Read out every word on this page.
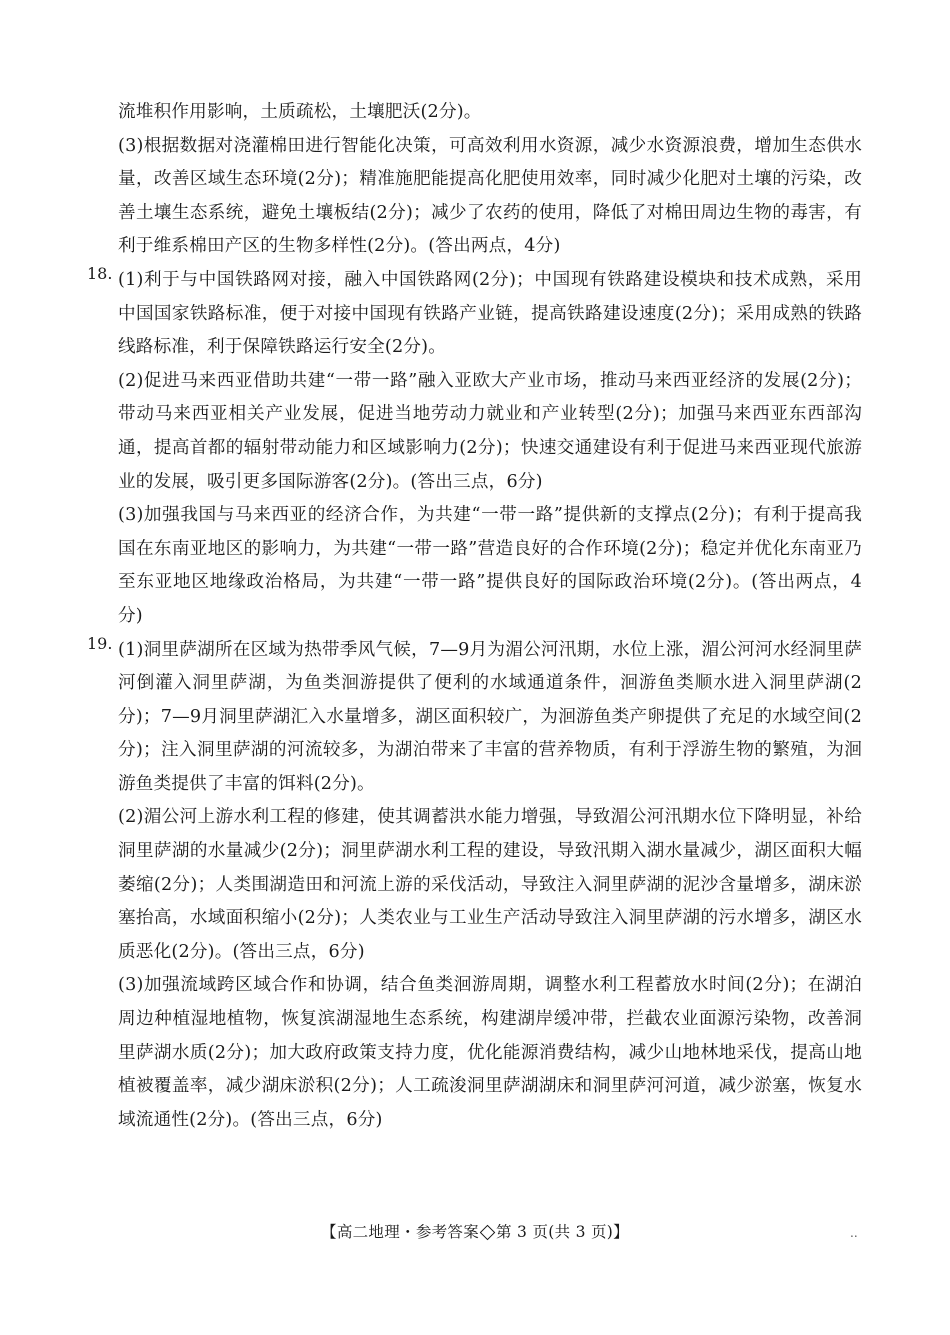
流堆积作用影响，土质疏松，土壤肥沃(2分)。

(3)根据数据对浇灌棉田进行智能化决策，可高效利用水资源，减少水资源浪费，增加生态供水量，改善区域生态环境(2分)；精准施肥能提高化肥使用效率，同时减少化肥对土壤的污染，改善土壤生态系统，避免土壤板结(2分)；减少了农药的使用，降低了对棉田周边生物的毒害，有利于维系棉田产区的生物多样性(2分)。(答出两点，4分)

18. (1)利于与中国铁路网对接，融入中国铁路网(2分)；中国现有铁路建设模块和技术成熟，采用中国国家铁路标准，便于对接中国现有铁路产业链，提高铁路建设速度(2分)；采用成熟的铁路线路标准，利于保障铁路运行安全(2分)。

(2)促进马来西亚借助共建“一带一路”融入亚欧大产业市场，推动马来西亚经济的发展(2分)；带动马来西亚相关产业发展，促进当地劳动力就业和产业转型(2分)；加强马来西亚东西部沟通，提高首都的辐射带动能力和区域影响力(2分)；快速交通建设有利于促进马来西亚现代旅游业的发展，吸引更多国际游客(2分)。(答出三点，6分)

(3)加强我国与马来西亚的经济合作，为共建“一带一路”提供新的支撑点(2分)；有利于提高我国在东南亚地区的影响力，为共建“一带一路”营造良好的合作环境(2分)；稳定并优化东南亚乃至东亚地区地缘政治格局，为共建“一带一路”提供良好的国际政治环境(2分)。(答出两点，4分)

19. (1)洞里萨湖所在区域为热带季风气候，7—9月为湄公河汛期，水位上涨，湄公河河水经洞里萨河倒灌入洞里萨湖，为鱼类洄游提供了便利的水域通道条件，洄游鱼类顺水进入洞里萨湖(2分)；7—9月洞里萨湖汇入水量增多，湖区面积较广，为洄游鱼类产卵提供了充足的水域空间(2分)；注入洞里萨湖的河流较多，为湖泊带来了丰富的营养物质，有利于浮游生物的繁殖，为洄游鱼类提供了丰富的饵料(2分)。

(2)湄公河上游水利工程的修建，使其调蓄洪水能力增强，导致湄公河汛期水位下降明显，补给洞里萨湖的水量减少(2分)；洞里萨湖水利工程的建设，导致汛期入湖水量减少，湖区面积大幅萎缩(2分)；人类围湖造田和河流上游的采伐活动，导致注入洞里萨湖的泥沙含量增多，湖床淤塞抬高，水域面积缩小(2分)；人类农业与工业生产活动导致注入洞里萨湖的污水增多，湖区水质恶化(2分)。(答出三点，6分)

(3)加强流域跨区域合作和协调，结合鱼类洄游周期，调整水利工程蓄放水时间(2分)；在湖泊周边种植湿地植物，恢复滨湖湿地生态系统，构建湖岸缓冲带，拦截农业面源污染物，改善洞里萨湖水质(2分)；加大政府政策支持力度，优化能源消费结构，减少山地林地采伐，提高山地植被覆盖率，减少湖床淤积(2分)；人工疏浚洞里萨湖湖床和洞里萨河河道，减少淤塞，恢复水域流通性(2分)。(答出三点，6分)

【高二地理・参考答案 第 3 页(共 3 页)】	..
